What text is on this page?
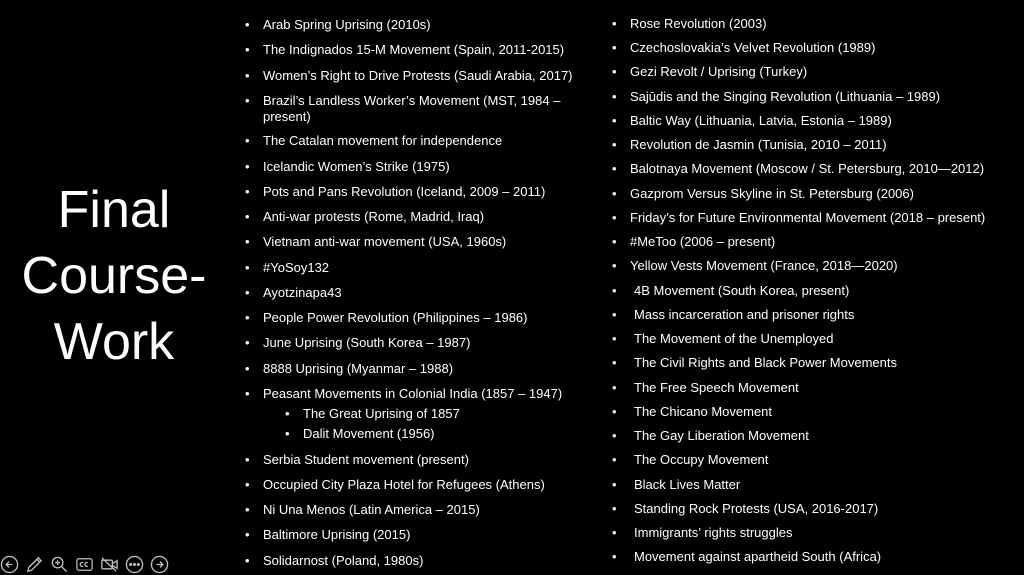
Final
Course-
Work
• Arab Spring Uprising (2010s)
• The Indignados 15-M Movement (Spain, 2011-2015)
• Women’s Right to Drive Protests (Saudi Arabia, 2017)
• Brazil’s Landless Worker’s Movement (MST, 1984 – present)
• The Catalan movement for independence
• Icelandic Women’s Strike (1975)
• Pots and Pans Revolution (Iceland, 2009 – 2011)
• Anti-war protests (Rome, Madrid, Iraq)
• Vietnam anti-war movement (USA, 1960s)
• #YoSoy132
• Ayotzinapa43
• People Power Revolution (Philippines – 1986)
• June Uprising (South Korea – 1987)
• 8888 Uprising (Myanmar – 1988)
• Peasant Movements in Colonial India (1857 – 1947)
• The Great Uprising of 1857
• Dalit Movement (1956)
• Serbia Student movement (present)
• Occupied City Plaza Hotel for Refugees (Athens)
• Ni Una Menos (Latin America – 2015)
• Baltimore Uprising (2015)
• Solidarnost (Poland, 1980s)
• Rose Revolution (2003)
• Czechoslovakia’s Velvet Revolution (1989)
• Gezi Revolt / Uprising (Turkey)
• Sajūdis and the Singing Revolution (Lithuania – 1989)
• Baltic Way (Lithuania, Latvia, Estonia – 1989)
• Revolution de Jasmin (Tunisia, 2010 – 2011)
• Balotnaya Movement (Moscow / St. Petersburg, 2010—2012)
• Gazprom Versus Skyline in St. Petersburg (2006)
• Friday’s for Future Environmental Movement (2018 – present)
• #MeToo (2006 – present)
• Yellow Vests Movement (France, 2018—2020)
• 4B Movement (South Korea, present)
• Mass incarceration and prisoner rights
• The Movement of the Unemployed
• The Civil Rights and Black Power Movements
• The Free Speech Movement
• The Chicano Movement
• The Gay Liberation Movement
• The Occupy Movement
• Black Lives Matter
• Standing Rock Protests (USA, 2016-2017)
• Immigrants’ rights struggles
• Movement against apartheid South (Africa)
